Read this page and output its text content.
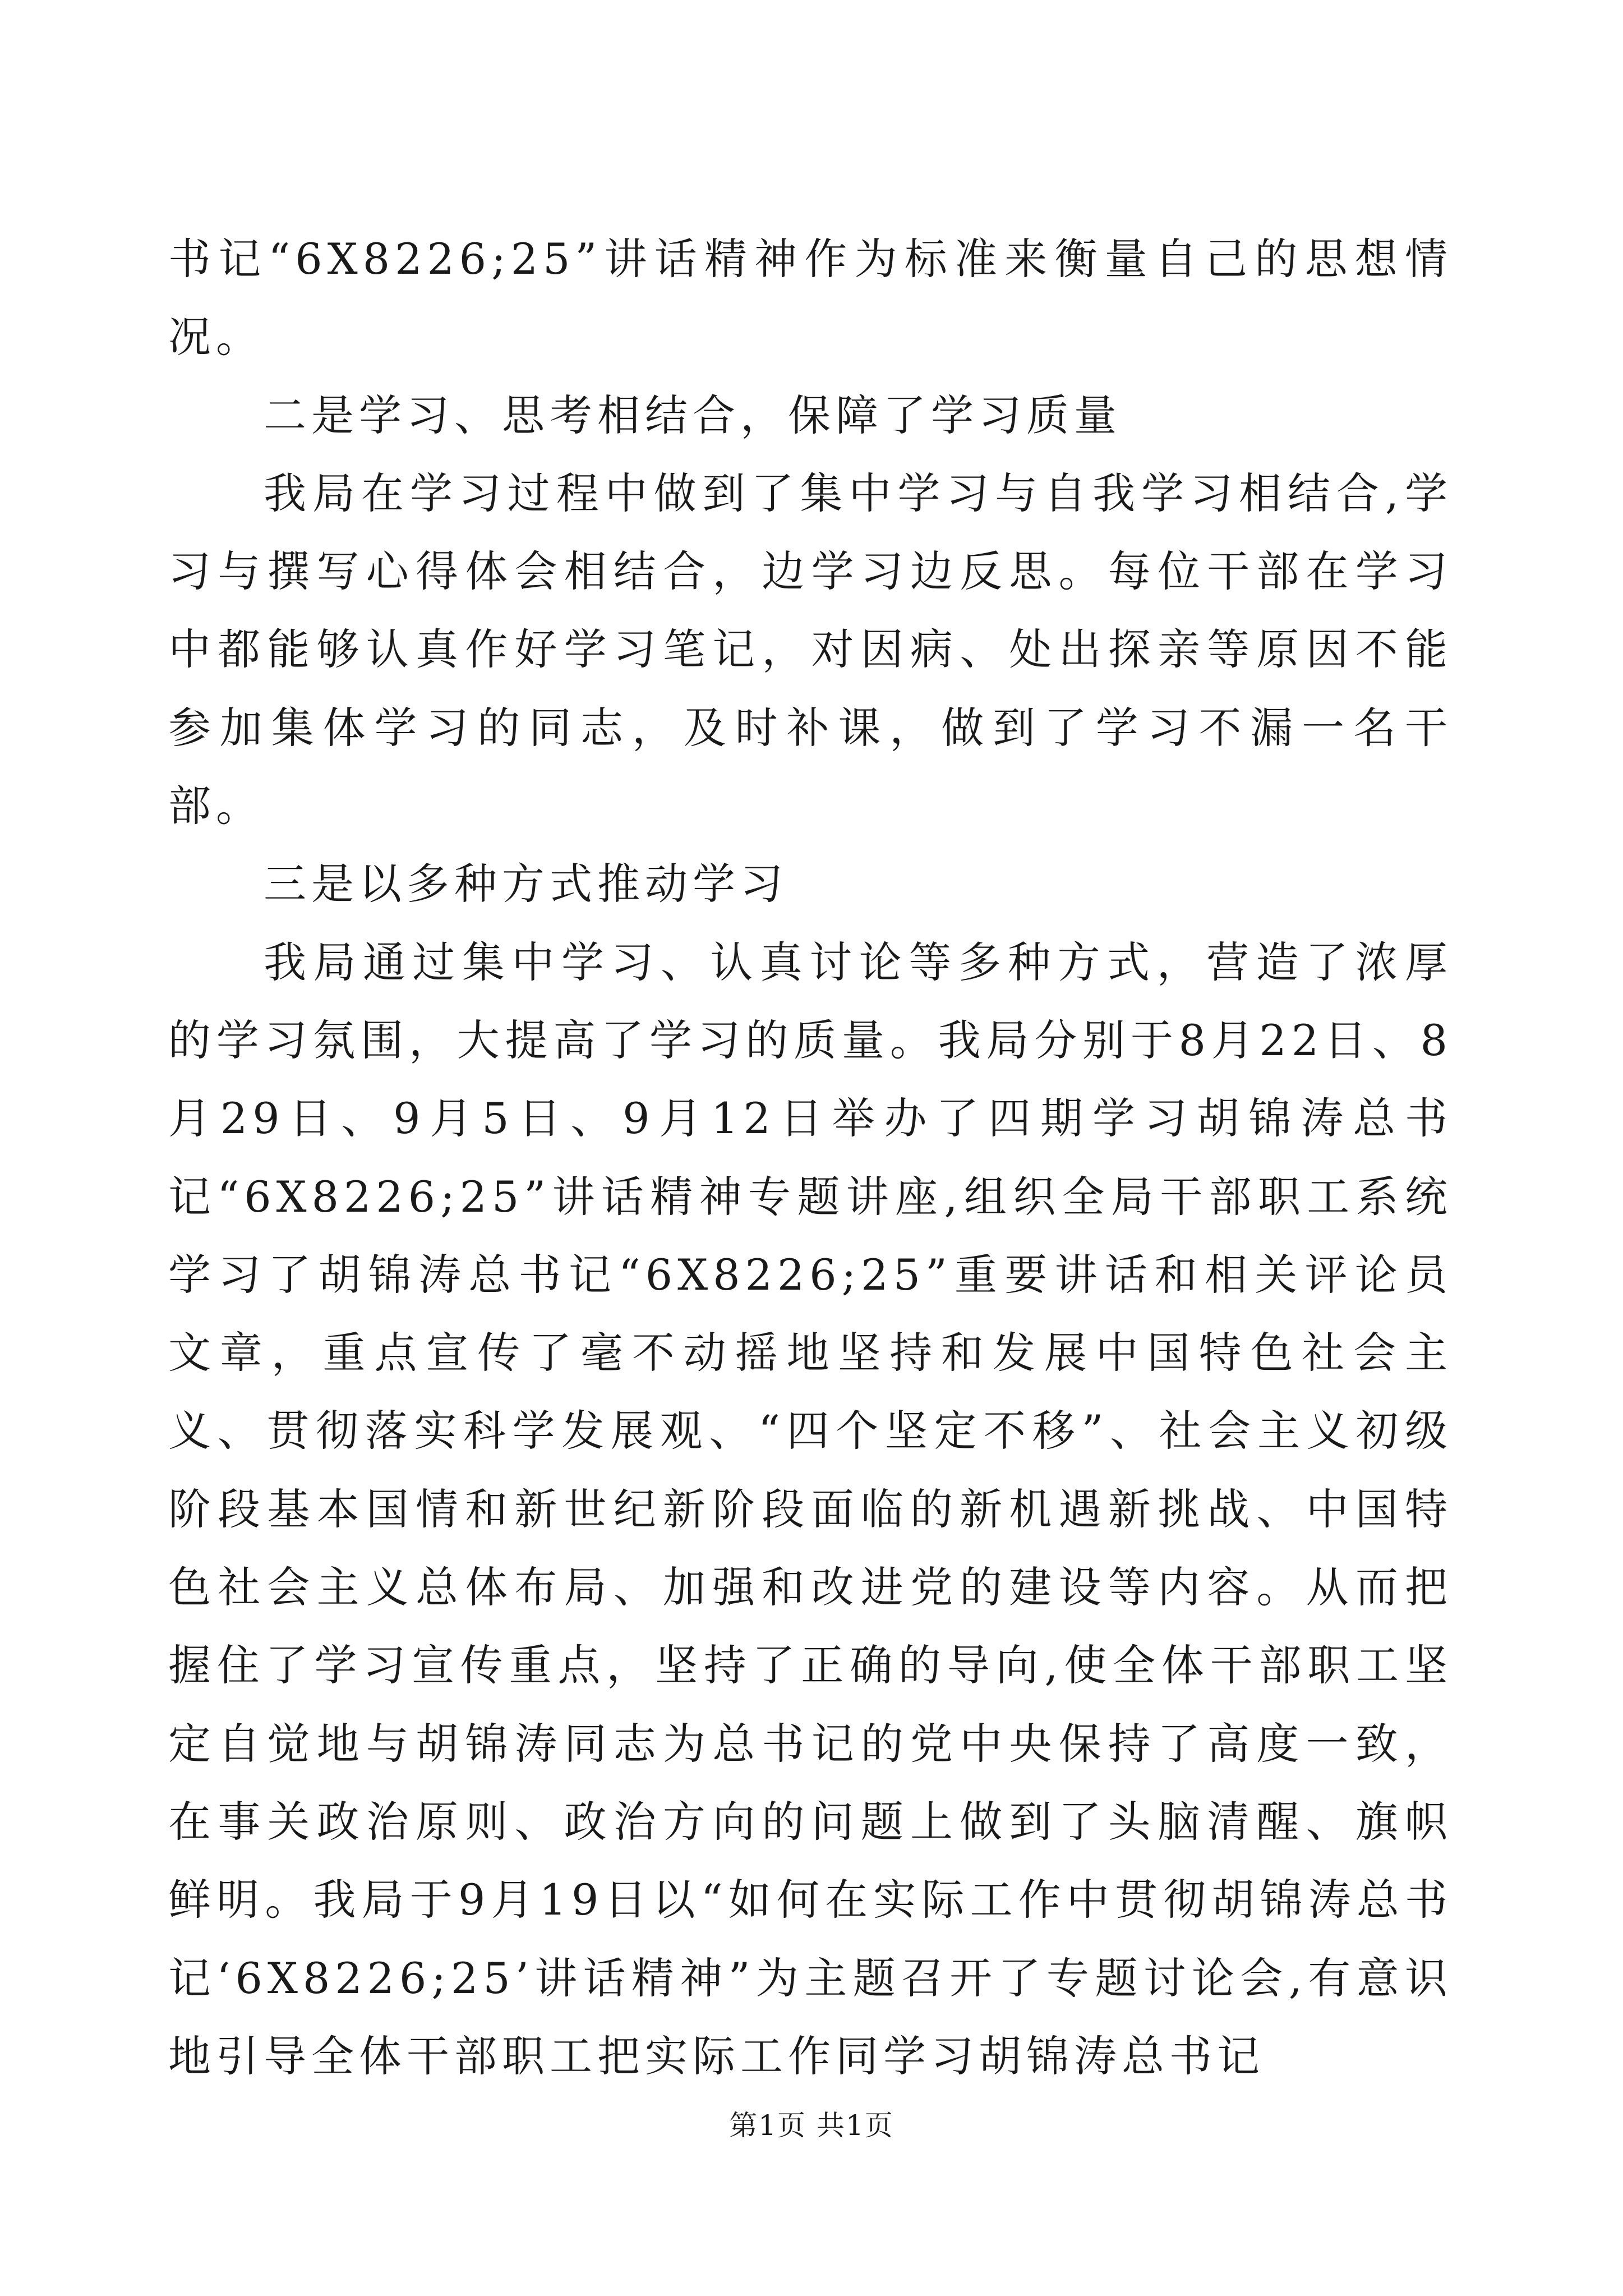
书记“6X8226;25”讲话精神作为标准来衡量自己的思想情况。

二是学习、思考相结合，保障了学习质量

我局在学习过程中做到了集中学习与自我学习相结合,学习与撰写心得体会相结合，边学习边反思。每位干部在学习中都能够认真作好学习笔记，对因病、处出探亲等原因不能参加集体学习的同志，及时补课，做到了学习不漏一名干部。

三是以多种方式推动学习

我局通过集中学习、认真讨论等多种方式，营造了浓厚的学习氛围，大提高了学习的质量。我局分别于8月22日、8月29日、9月5日、9月12日举办了四期学习胡锦涛总书记“6X8226;25”讲话精神专题讲座,组织全局干部职工系统学习了胡锦涛总书记“6X8226;25”重要讲话和相关评论员文章，重点宣传了毫不动摇地坚持和发展中国特色社会主义、贯彻落实科学发展观、“四个坚定不移”、社会主义初级阶段基本国情和新世纪新阶段面临的新机遇新挑战、中国特色社会主义总体布局、加强和改进党的建设等内容。从而把握住了学习宣传重点，坚持了正确的导向,使全体干部职工坚定自觉地与胡锦涛同志为总书记的党中央保持了高度一致，在事关政治原则、政治方向的问题上做到了头脑清醒、旗帜鲜明。我局于9月19日以“如何在实际工作中贯彻胡锦涛总书记‘6X8226;25’讲话精神”为主题召开了专题讨论会,有意识地引导全体干部职工把实际工作同学习胡锦涛总书记

第1页 共1页
